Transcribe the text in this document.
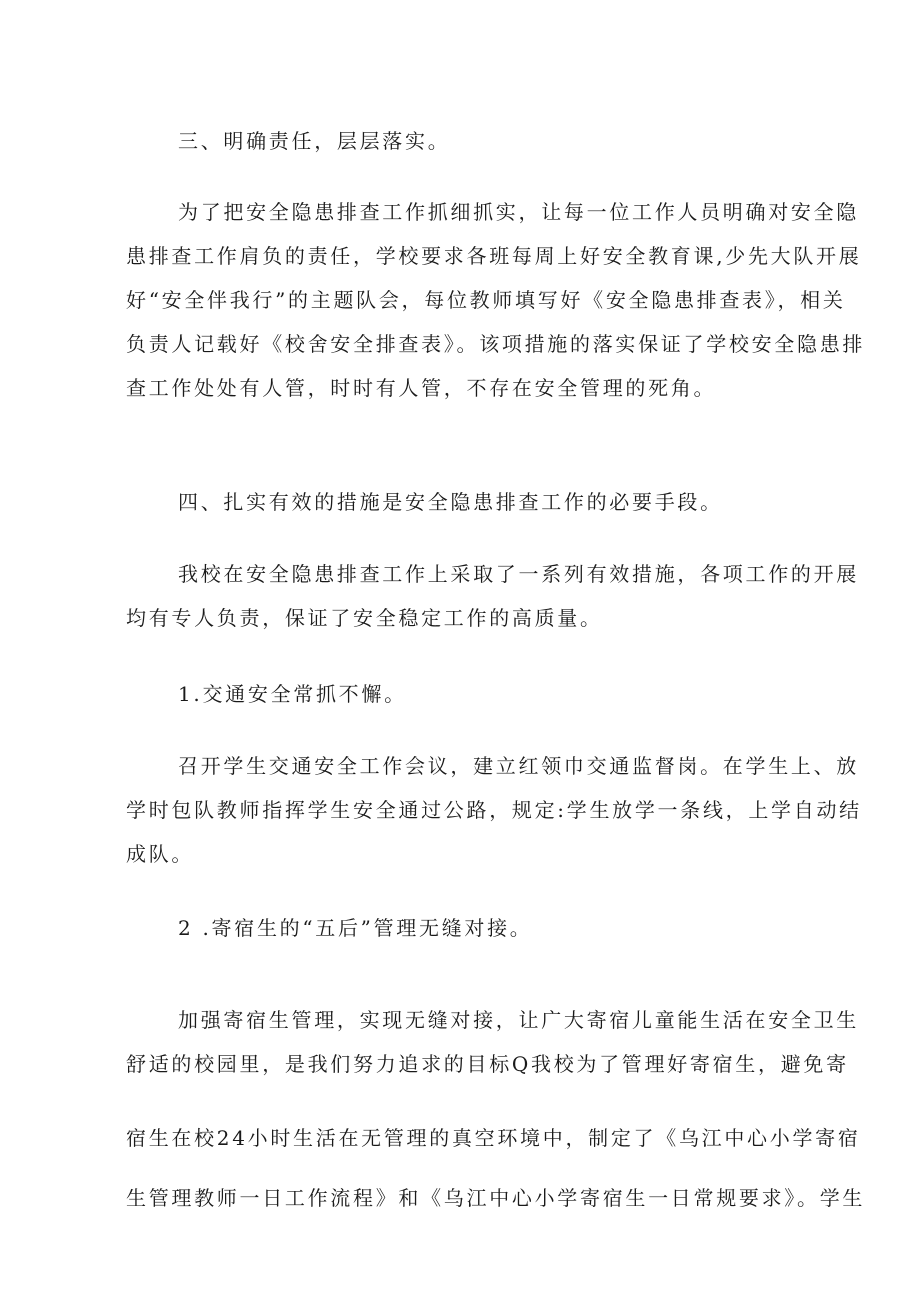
三、明确责任，层层落实。
为了把安全隐患排查工作抓细抓实，让每一位工作人员明确对安全隐
患排查工作肩负的责任，学校要求各班每周上好安全教育课,少先大队开展
好“安全伴我行”的主题队会，每位教师填写好《安全隐患排查表》，相关
负责人记载好《校舍安全排查表》。该项措施的落实保证了学校安全隐患排
查工作处处有人管，时时有人管，不存在安全管理的死角。
四、扎实有效的措施是安全隐患排查工作的必要手段。
我校在安全隐患排查工作上采取了一系列有效措施，各项工作的开展
均有专人负责，保证了安全稳定工作的高质量。
1.交通安全常抓不懈。
召开学生交通安全工作会议，建立红领巾交通监督岗。在学生上、放
学时包队教师指挥学生安全通过公路，规定:学生放学一条线，上学自动结
成队。
2 .寄宿生的“五后”管理无缝对接。
加强寄宿生管理，实现无缝对接，让广大寄宿儿童能生活在安全卫生
舒适的校园里，是我们努力追求的目标Q我校为了管理好寄宿生，避免寄
宿生在校24小时生活在无管理的真空环境中，制定了《乌江中心小学寄宿
生管理教师一日工作流程》和《乌江中心小学寄宿生一日常规要求》。学生
